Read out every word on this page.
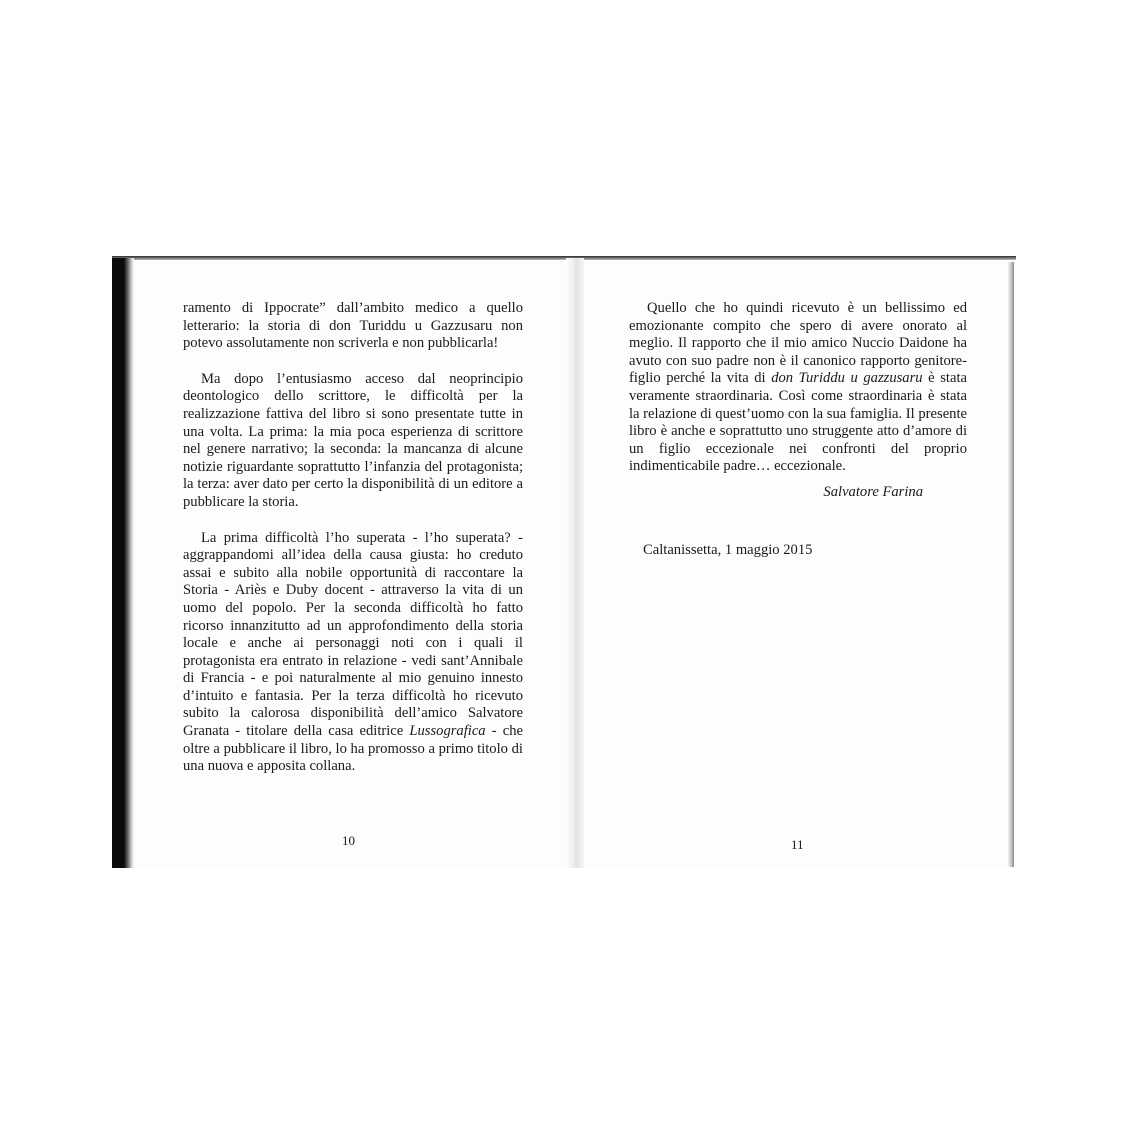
ramento di Ippocrate” dall’ambito medico a quello letterario: la storia di don Turiddu u Gazzusaru non potevo assolutamente non scriverla e non pubblicarla!

Ma dopo l’entusiasmo acceso dal neoprincipio deontologico dello scrittore, le difficoltà per la realizzazione fattiva del libro si sono presentate tutte in una volta. La prima: la mia poca esperienza di scrittore nel genere narrativo; la seconda: la mancanza di alcune notizie riguardante soprattutto l’infanzia del protagonista; la terza: aver dato per certo la disponibilità di un editore a pubblicare la storia.

La prima difficoltà l’ho superata - l’ho superata? - aggrappandomi all’idea della causa giusta: ho creduto assai e subito alla nobile opportunità di raccontare la Storia - Ariès e Duby docent - attraverso la vita di un uomo del popolo. Per la seconda difficoltà ho fatto ricorso innanzitutto ad un approfondimento della storia locale e anche ai personaggi noti con i quali il protagonista era entrato in relazione - vedi sant’Annibale di Francia - e poi naturalmente al mio genuino innesto d’intuito e fantasia. Per la terza difficoltà ho ricevuto subito la calorosa disponibilità dell’amico Salvatore Granata - titolare della casa editrice Lussografica - che oltre a pubblicare il libro, lo ha promosso a primo titolo di una nuova e apposita collana.

10

Quello che ho quindi ricevuto è un bellissimo ed emozionante compito che spero di avere onorato al meglio. Il rapporto che il mio amico Nuccio Daidone ha avuto con suo padre non è il canonico rapporto genitore-figlio perché la vita di don Turiddu u gazzusaru è stata veramente straordinaria. Così come straordinaria è stata la relazione di quest’uomo con la sua famiglia. Il presente libro è anche e soprattutto uno struggente atto d’amore di un figlio eccezionale nei confronti del proprio indimenticabile padre… eccezionale.

Salvatore Farina
Caltanissetta, 1 maggio 2015
11
